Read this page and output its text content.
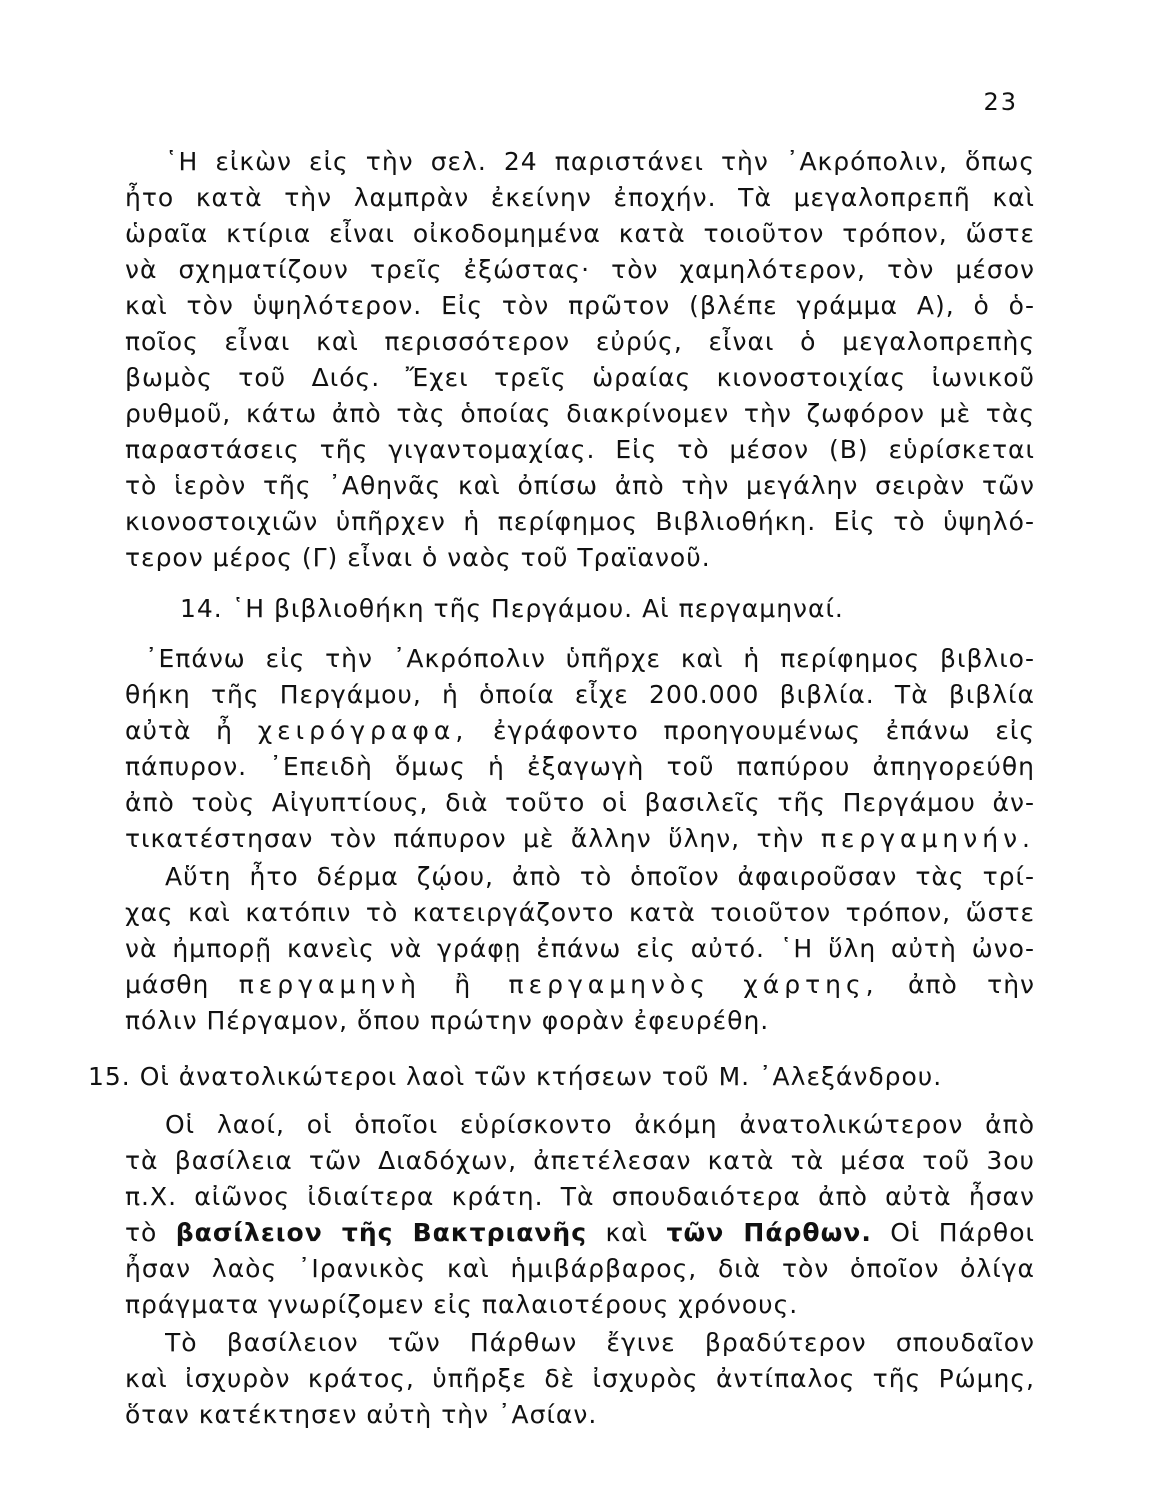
23
῾Η εἰκὼν εἰς τὴν σελ. 24 παριστάνει τὴν ᾿Ακρόπολιν, ὅπως
ἦτο κατὰ τὴν λαμπρὰν ἐκείνην ἐποχήν. Τὰ μεγαλοπρεπῆ καὶ
ὡραῖα κτίρια εἶναι οἰκοδομημένα κατὰ τοιοῦτον τρόπον, ὥστε
νὰ σχηματίζουν τρεῖς ἐξώστας· τὸν χαμηλότερον, τὸν μέσον
καὶ τὸν ὑψηλότερον. Εἰς τὸν πρῶτον (βλέπε γράμμα Α), ὁ ὁ-
ποῖος εἶναι καὶ περισσότερον εὐρύς, εἶναι ὁ μεγαλοπρεπὴς
βωμὸς τοῦ Διός. Ἔχει τρεῖς ὡραίας κιονοστοιχίας ἰωνικοῦ
ρυθμοῦ, κάτω ἀπὸ τὰς ὁποίας διακρίνομεν τὴν ζωφόρον μὲ τὰς
παραστάσεις τῆς γιγαντομαχίας. Εἰς τὸ μέσον (Β) εὑρίσκεται
τὸ ἱερὸν τῆς ᾿Αθηνᾶς καὶ ὀπίσω ἀπὸ τὴν μεγάλην σειρὰν τῶν
κιονοστοιχιῶν ὑπῆρχεν ἡ περίφημος Βιβλιοθήκη. Εἰς τὸ ὑψηλό-
τερον μέρος (Γ) εἶναι ὁ ναὸς τοῦ Τραϊανοῦ.
14. ῾Η βιβλιοθήκη τῆς Περγάμου. Αἱ περγαμηναί.
᾿Επάνω εἰς τὴν ᾿Ακρόπολιν ὑπῆρχε καὶ ἡ περίφημος βιβλιο-
θήκη τῆς Περγάμου, ἡ ὁποία εἶχε 200.000 βιβλία. Τὰ βιβλία
αὐτὰ ἦ χειρόγραφα, ἐγράφοντο προηγουμένως ἐπάνω εἰς
πάπυρον. ᾿Επειδὴ ὅμως ἡ ἐξαγωγὴ τοῦ παπύρου ἀπηγορεύθη
ἀπὸ τοὺς Αἰγυπτίους, διὰ τοῦτο οἱ βασιλεῖς τῆς Περγάμου ἀν-
τικατέστησαν τὸν πάπυρον μὲ ἄλλην ὕλην, τὴν περγαμηνήν.
Αὕτη ἦτο δέρμα ζῴου, ἀπὸ τὸ ὁποῖον ἀφαιροῦσαν τὰς τρί-
χας καὶ κατόπιν τὸ κατειργάζοντο κατὰ τοιοῦτον τρόπον, ὥστε
νὰ ἠμπορῇ κανεὶς νὰ γράφῃ ἐπάνω εἰς αὐτό. ῾Η ὕλη αὐτὴ ὠνο-
μάσθη περγαμηνὴ ἢ περγαμηνὸς χάρτης, ἀπὸ τὴν
πόλιν Πέργαμον, ὅπου πρώτην φορὰν ἐφευρέθη.
15. Οἱ ἀνατολικώτεροι λαοὶ τῶν κτήσεων τοῦ Μ. ᾿Αλεξάνδρου.
Οἱ λαοί, οἱ ὁποῖοι εὑρίσκοντο ἀκόμη ἀνατολικώτερον ἀπὸ
τὰ βασίλεια τῶν Διαδόχων, ἀπετέλεσαν κατὰ τὰ μέσα τοῦ 3ου
π.Χ. αἰῶνος ἰδιαίτερα κράτη. Τὰ σπουδαιότερα ἀπὸ αὐτὰ ἦσαν
τὸ βασίλειον τῆς Βακτριανῆς καὶ τῶν Πάρθων. Οἱ Πάρθοι
ἦσαν λαὸς ᾿Ιρανικὸς καὶ ἡμιβάρβαρος, διὰ τὸν ὁποῖον ὀλίγα
πράγματα γνωρίζομεν εἰς παλαιοτέρους χρόνους.
Τὸ βασίλειον τῶν Πάρθων ἔγινε βραδύτερον σπουδαῖον
καὶ ἰσχυρὸν κράτος, ὑπῆρξε δὲ ἰσχυρὸς ἀντίπαλος τῆς Ρώμης,
ὅταν κατέκτησεν αὐτὴ τὴν ᾿Ασίαν.
